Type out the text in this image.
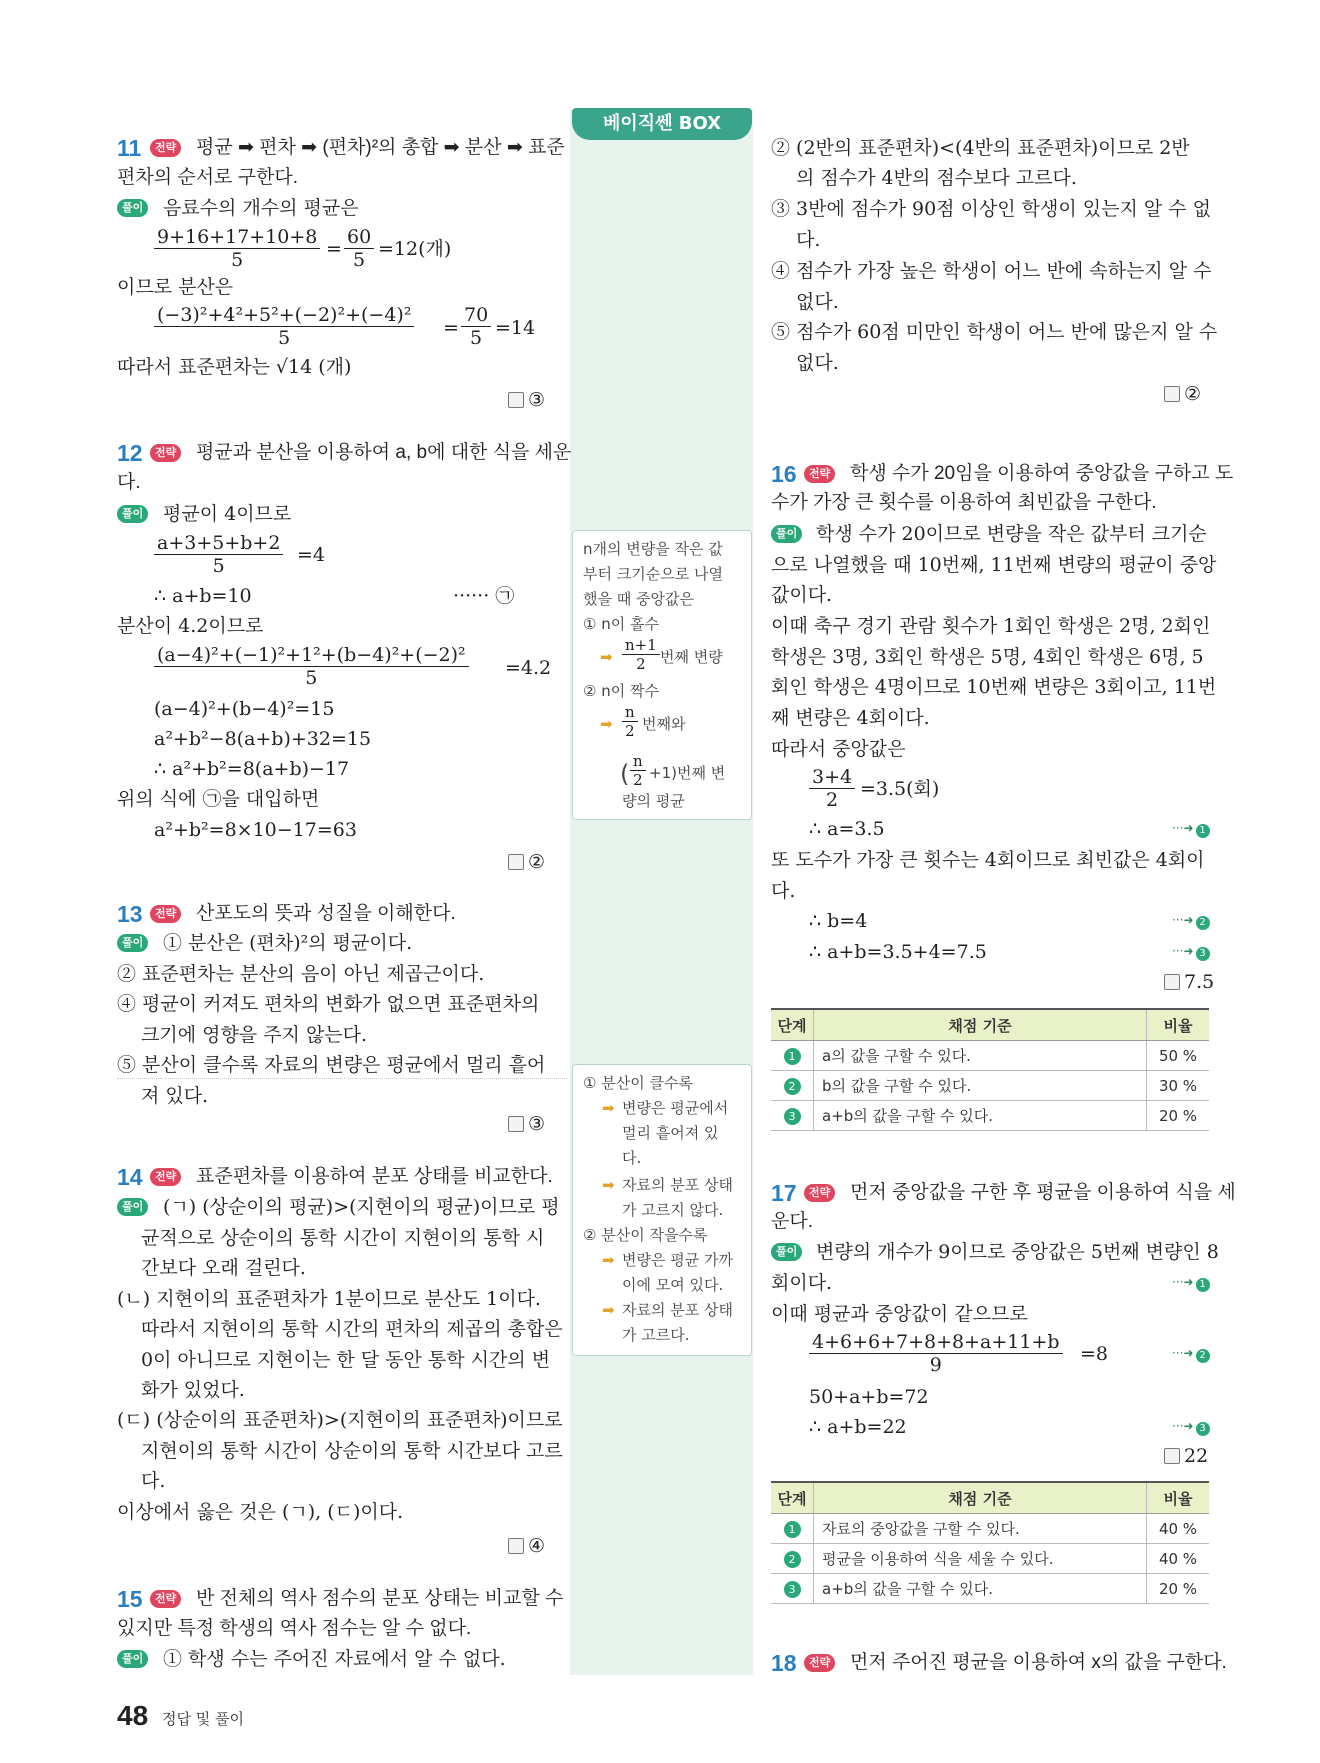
베이직쎈 BOX
11	전략 평균 ➡ 편차 ➡ (편차)²의 총합 ➡ 분산 ➡ 표준
편차의 순서로 구한다.
풀이 음료수의 개수의 평균은
$\frac{9+16+17+10+8}{5} = \frac{60}{5} =12$(개)
이므로 분산은
$\frac{\text{(−3)²+4²+5²+(−2)²+(−4)²}}{5} = \frac{70}{5} =14$
따라서 표준편차는 √14 (개)
③
12	전략 평균과 분산을 이용하여 a, b에 대한 식을 세운
다.
풀이 평균이 4이므로
$\frac{a+3+5+b+2}{5} =4$
∴ a+b=10	······ ㉠
분산이 4.2이므로
$\frac{\text{(a−4)²+(−1)²+1²+(b−4)²+(−2)²}}{5} =4.2$
(a−4)²+(b−4)²=15
a²+b²−8(a+b)+32=15
∴ a²+b²=8(a+b)−17
위의 식에 ㉠을 대입하면
a²+b²=8×10−17=63
②
13	전략 산포도의 뜻과 성질을 이해한다.
풀이 ① 분산은 (편차)²의 평균이다.
② 표준편차는 분산의 음이 아닌 제곱근이다.
④ 평균이 커져도 편차의 변화가 없으면 표준편차의
크기에 영향을 주지 않는다.
⑤ 분산이 클수록 자료의 변량은 평균에서 멀리 흩어
져 있다.
③
14	전략 표준편차를 이용하여 분포 상태를 비교한다.
풀이 (ㄱ) (상순이의 평균)>(지현이의 평균)이므로 평
균적으로 상순이의 통학 시간이 지현이의 통학 시
간보다 오래 걸린다.
(ㄴ) 지현이의 표준편차가 1분이므로 분산도 1이다.
따라서 지현이의 통학 시간의 편차의 제곱의 총합은
0이 아니므로 지현이는 한 달 동안 통학 시간의 변
화가 있었다.
(ㄷ) (상순이의 표준편차)>(지현이의 표준편차)이므로
지현이의 통학 시간이 상순이의 통학 시간보다 고르
다.
이상에서 옳은 것은 (ㄱ), (ㄷ)이다.
④
15	전략 반 전체의 역사 점수의 분포 상태는 비교할 수
있지만 특정 학생의 역사 점수는 알 수 없다.
풀이 ① 학생 수는 주어진 자료에서 알 수 없다.
n개의 변량을 작은 값
부터 크기순으로 나열
했을 때 중앙값은
① n이 홀수
➡ $\frac{n+1}{2}$ 번째 변량
② n이 짝수
➡ $\frac{n}{2}$ 번째와
( $\frac{n}{2} +1$)번째 변
량의 평균
① 분산이 클수록
➡ 변량은 평균에서
멀리 흩어져 있
다.
➡ 자료의 분포 상태
가 고르지 않다.
② 분산이 작을수록
➡ 변량은 평균 가까
이에 모여 있다.
➡ 자료의 분포 상태
가 고르다.
② (2반의 표준편차)<(4반의 표준편차)이므로 2반
의 점수가 4반의 점수보다 고르다.
③ 3반에 점수가 90점 이상인 학생이 있는지 알 수 없
다.
④ 점수가 가장 높은 학생이 어느 반에 속하는지 알 수
없다.
⑤ 점수가 60점 미만인 학생이 어느 반에 많은지 알 수
없다.
②
16	전략 학생 수가 20임을 이용하여 중앙값을 구하고 도
수가 가장 큰 횟수를 이용하여 최빈값을 구한다.
풀이 학생 수가 20이므로 변량을 작은 값부터 크기순
으로 나열했을 때 10번째, 11번째 변량의 평균이 중앙
값이다.
이때 축구 경기 관람 횟수가 1회인 학생은 2명, 2회인
학생은 3명, 3회인 학생은 5명, 4회인 학생은 6명, 5
회인 학생은 4명이므로 10번째 변량은 3회이고, 11번
째 변량은 4회이다.
따라서 중앙값은
$\frac{3+4}{2} =3.5$(회)
∴ a=3.5	···➜ 1
또 도수가 가장 큰 횟수는 4회이므로 최빈값은 4회이
다.
∴ b=4	···➜ 2
∴ a+b=3.5+4=7.5	···➜ 3
7.5
단계	채점 기준	비율
1	a의 값을 구할 수 있다.	50 %
2	b의 값을 구할 수 있다.	30 %
3	a+b의 값을 구할 수 있다.	20 %
17	전략 먼저 중앙값을 구한 후 평균을 이용하여 식을 세
운다.
풀이 변량의 개수가 9이므로 중앙값은 5번째 변량인 8
회이다.	···➜ 1
이때 평균과 중앙값이 같으므로
$\frac{4+6+6+7+8+8+a+11+b}{9} =8$	···➜ 2
50+a+b=72
∴ a+b=22	···➜ 3
22
단계	채점 기준	비율
1	자료의 중앙값을 구할 수 있다.	40 %
2	평균을 이용하여 식을 세울 수 있다.	40 %
3	a+b의 값을 구할 수 있다.	20 %
18	전략 먼저 주어진 평균을 이용하여 x의 값을 구한다.
48 정답 및 풀이
